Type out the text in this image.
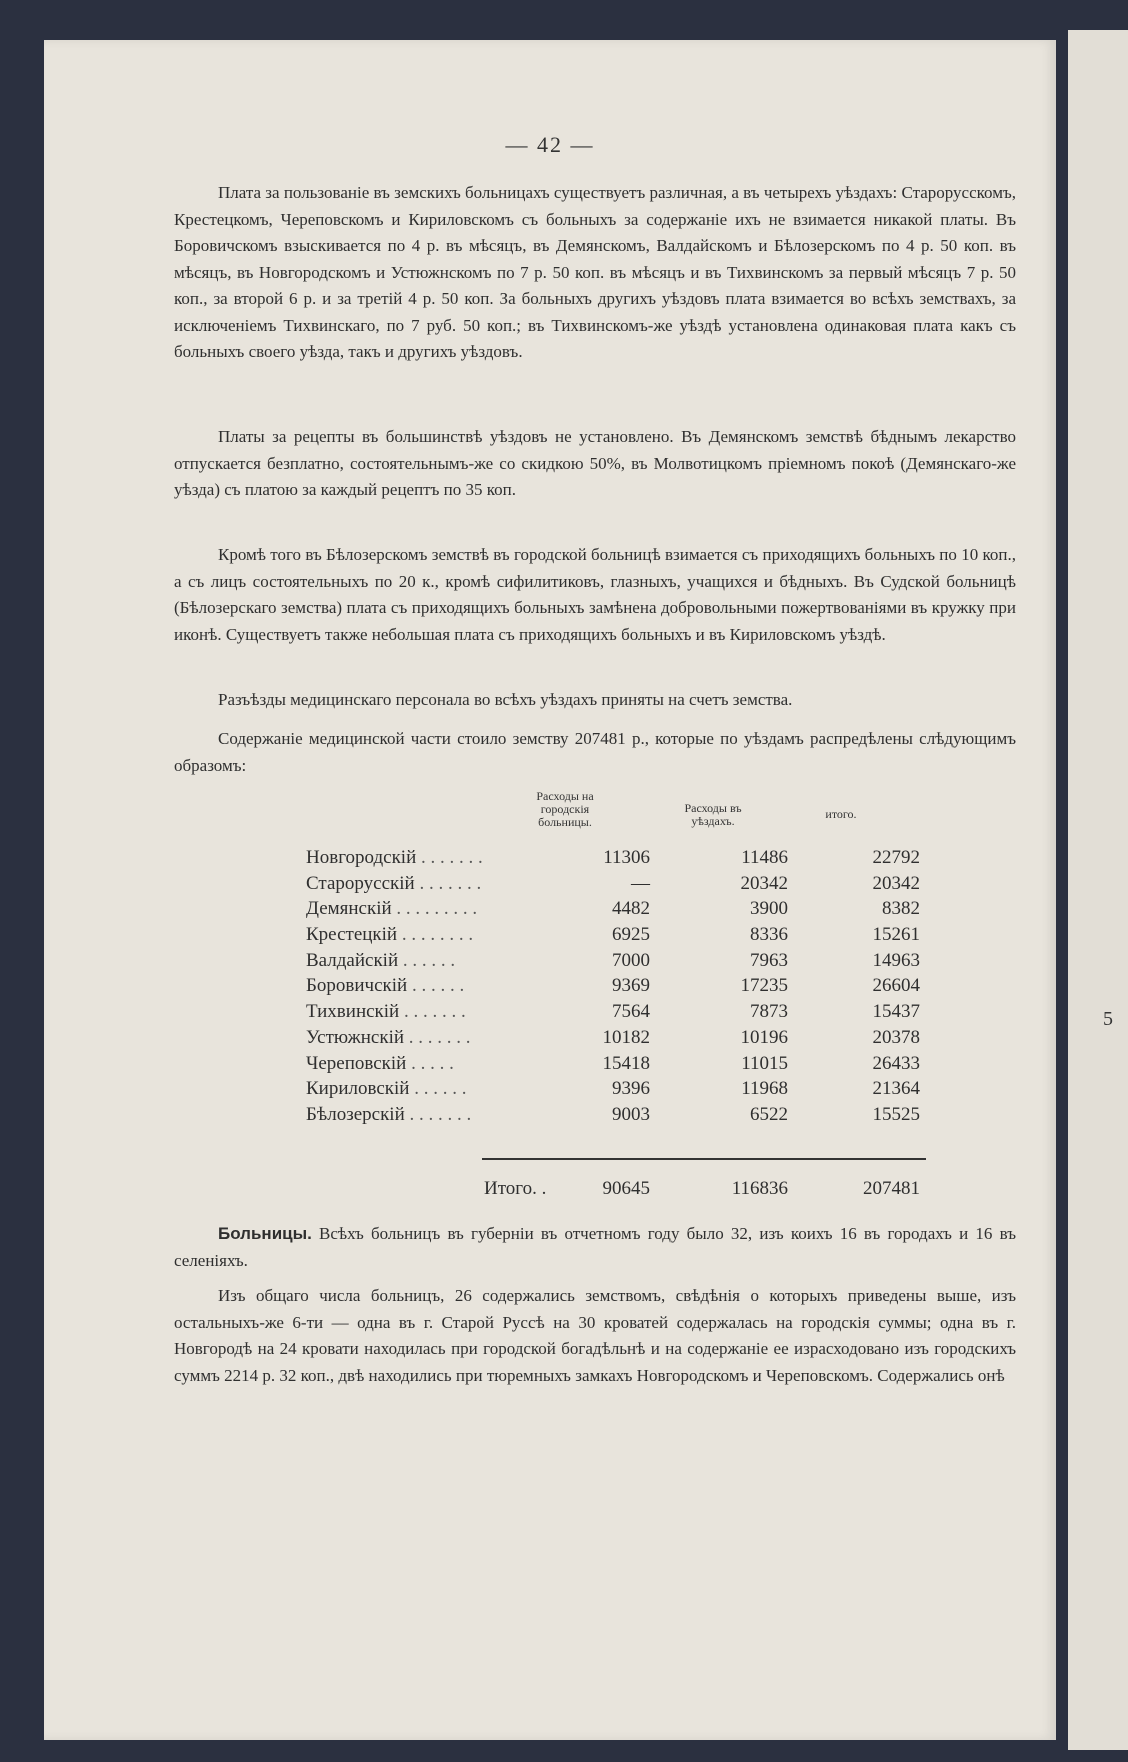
— 42 —
5

Плата за пользованіе въ земскихъ больницахъ существуетъ различная, а въ четырехъ уѣздахъ: Старорусскомъ, Крестецкомъ, Череповскомъ и Кириловскомъ съ больныхъ за содержаніе ихъ не взимается никакой платы. Въ Боровичскомъ взыскивается по 4 р. въ мѣсяцъ, въ Демянскомъ, Валдайскомъ и Бѣлозерскомъ по 4 р. 50 коп. въ мѣсяцъ, въ Новгородскомъ и Устюжнскомъ по 7 р. 50 коп. въ мѣсяцъ и въ Тихвинскомъ за первый мѣсяцъ 7 р. 50 коп., за второй 6 р. и за третій 4 р. 50 коп. За больныхъ другихъ уѣздовъ плата взимается во всѣхъ земствахъ, за исключеніемъ Тихвинскаго, по 7 руб. 50 коп.; въ Тихвинскомъ-же уѣздѣ установлена одинаковая плата какъ съ больныхъ своего уѣзда, такъ и другихъ уѣздовъ.

Платы за рецепты въ большинствѣ уѣздовъ не установлено. Въ Демянскомъ земствѣ бѣднымъ лекарство отпускается безплатно, состоятельнымъ-же со скидкою 50%, въ Молвотицкомъ пріемномъ покоѣ (Демянскаго-же уѣзда) съ платою за каждый рецептъ по 35 коп.

Кромѣ того въ Бѣлозерскомъ земствѣ въ городской больницѣ взимается съ приходящихъ больныхъ по 10 коп., а съ лицъ состоятельныхъ по 20 к., кромѣ сифилитиковъ, глазныхъ, учащихся и бѣдныхъ. Въ Судской больницѣ (Бѣлозерскаго земства) плата съ приходящихъ больныхъ замѣнена добровольными пожертвованіями въ кружку при иконѣ. Существуетъ также небольшая плата съ приходящихъ больныхъ и въ Кириловскомъ уѣздѣ.

Разъѣзды медицинскаго персонала во всѣхъ уѣздахъ приняты на счетъ земства.

Содержаніе медицинской части стоило земству 207481 р., которые по уѣздамъ распредѣлены слѣдующимъ образомъ:

Расходы на городскія больницы.
Расходы въ уѣздахъ.	итого.
. . . . . . .
Новгородскій	11306	11486	22792
. . . . . . .
Старорусскій	—	20342	20342
. . . . . . . . .
Демянскій	4482	3900	8382
. . . . . . . .
Крестецкій	6925	8336	15261
. . . . . .
Валдайскій	7000	7963	14963
. . . . . .
Боровичскій	9369	17235	26604
. . . . . . .
Тихвинскій	7564	7873	15437
. . . . . . .
Устюжнскій	10182	10196	20378
. . . . .
Череповскій	15418	11015	26433
. . . . . .
Кириловскій	9396	11968	21364
. . . . . . .
Бѣлозерскій	9003	6522	15525
Итого. .	90645	116836	207481

Больницы. Всѣхъ больницъ въ губерніи въ отчетномъ году было 32, изъ коихъ 16 въ городахъ и 16 въ селеніяхъ.

Изъ общаго числа больницъ, 26 содержались земствомъ, свѣдѣнія о которыхъ приведены выше, изъ остальныхъ-же 6-ти — одна въ г. Старой Руссѣ на 30 кроватей содержалась на городскія суммы; одна въ г. Новгородѣ на 24 кровати находилась при городской богадѣльнѣ и на содержаніе ее израсходовано изъ городскихъ суммъ 2214 р. 32 коп., двѣ находились при тюремныхъ замкахъ Новгородскомъ и Череповскомъ. Содержались онѣ
